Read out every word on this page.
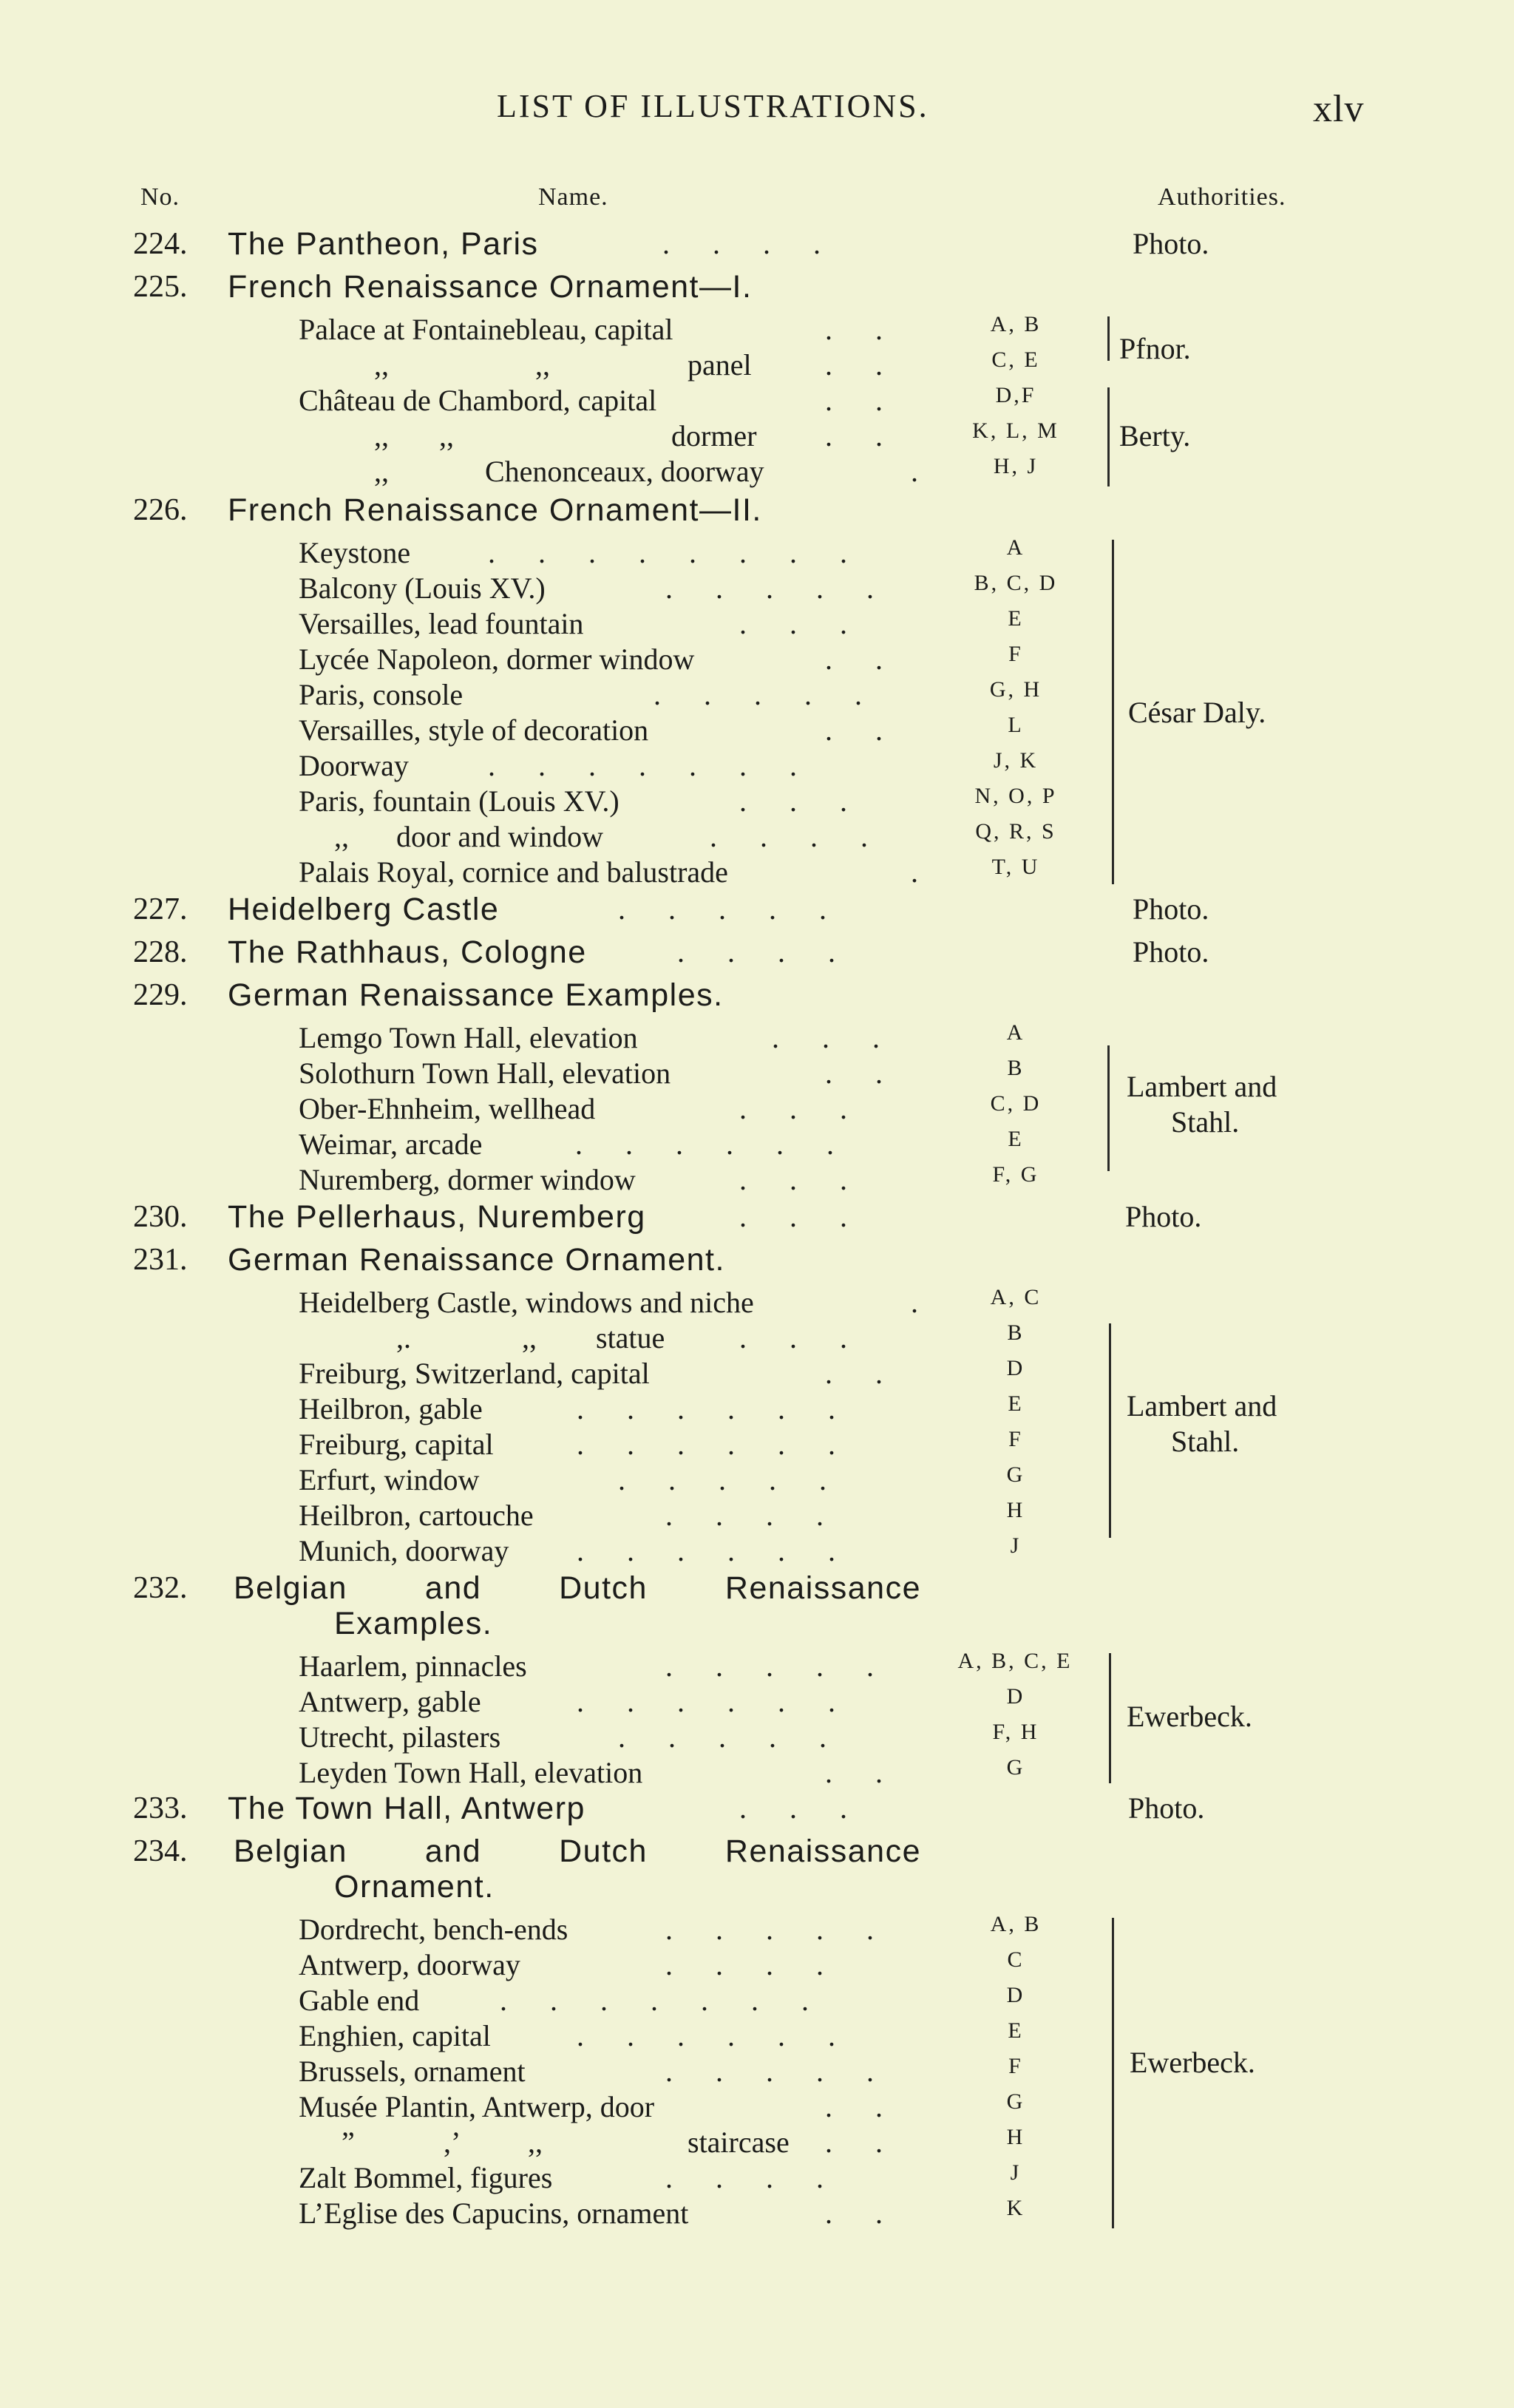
LIST OF ILLUSTRATIONS.	xlv
No.	Name.	Authorities.
224. The Pantheon, Paris	. . . .	Photo.
225. French Renaissance Ornament—I.
Palace at Fontainebleau, capital	. .	A, B
,,	,,	panel . .	C, E
Château de Chambord, capital	. .	D,F
,, ,,	dormer . .	K, L, M
,,	Chenonceaux, doorway	.	H, J
Pfnor.
Berty.
226. French Renaissance Ornament—II.
Keystone	. . . . . . . .	A
Balcony (Louis XV.)	. . . . .	B, C, D
Versailles, lead fountain	. . .	E
Lycée Napoleon, dormer window	. .	F
Paris, console	. . . . .	G, H
Versailles, style of decoration	. .	L
Doorway	. . . . . . .	J, K
Paris, fountain (Louis XV.)	. . .	N, O, P
,, door and window	. . . .	Q, R, S
Palais Royal, cornice and balustrade	.	T, U
César Daly.
227. Heidelberg Castle	. . . . .	Photo.
228. The Rathhaus, Cologne	. . . .	Photo.
229. German Renaissance Examples.
Lemgo Town Hall, elevation	. . .	A
Solothurn Town Hall, elevation	. .	B
Ober-Ehnheim, wellhead	. . .	C, D
Weimar, arcade	. . . . . .	E
Nuremberg, dormer window	. . .	F, G
Lambert and
Stahl.
230. The Pellerhaus, Nuremberg	. . .	Photo.
231. German Renaissance Ornament.
Heidelberg Castle, windows and niche	.	A, C
,.	,, statue	. . .	B
Freiburg, Switzerland, capital	. .	D
Heilbron, gable	. . . . . .	E
Freiburg, capital	. . . . . .	F
Erfurt, window	. . . . .	G
Heilbron, cartouche	. . . .	H
Munich, doorway . . . . . .	J
Lambert and
Stahl.
232. Belgian and Dutch Renaissance
Examples.
Haarlem, pinnacles	. . . . .	A, B, C, E
Antwerp, gable	. . . . . .	D
Utrecht, pilasters	. . . . .	F, H
Leyden Town Hall, elevation	. .	G
Ewerbeck.
233. The Town Hall, Antwerp	. . .	Photo.
234. Belgian and Dutch Renaissance
Ornament.
Dordrecht, bench-ends	. . . . .	A, B
Antwerp, doorway	. . . .	C
Gable end	. . . . . . .	D
Enghien, capital	. . . . . .	E
Brussels, ornament	. . . . .	F
Musée Plantin, Antwerp, door	. .	G
”	,’ ,,	staircase . .	H
Zalt Bommel, figures	. . . .	J
L’Eglise des Capucins, ornament	. .	K
Ewerbeck.
